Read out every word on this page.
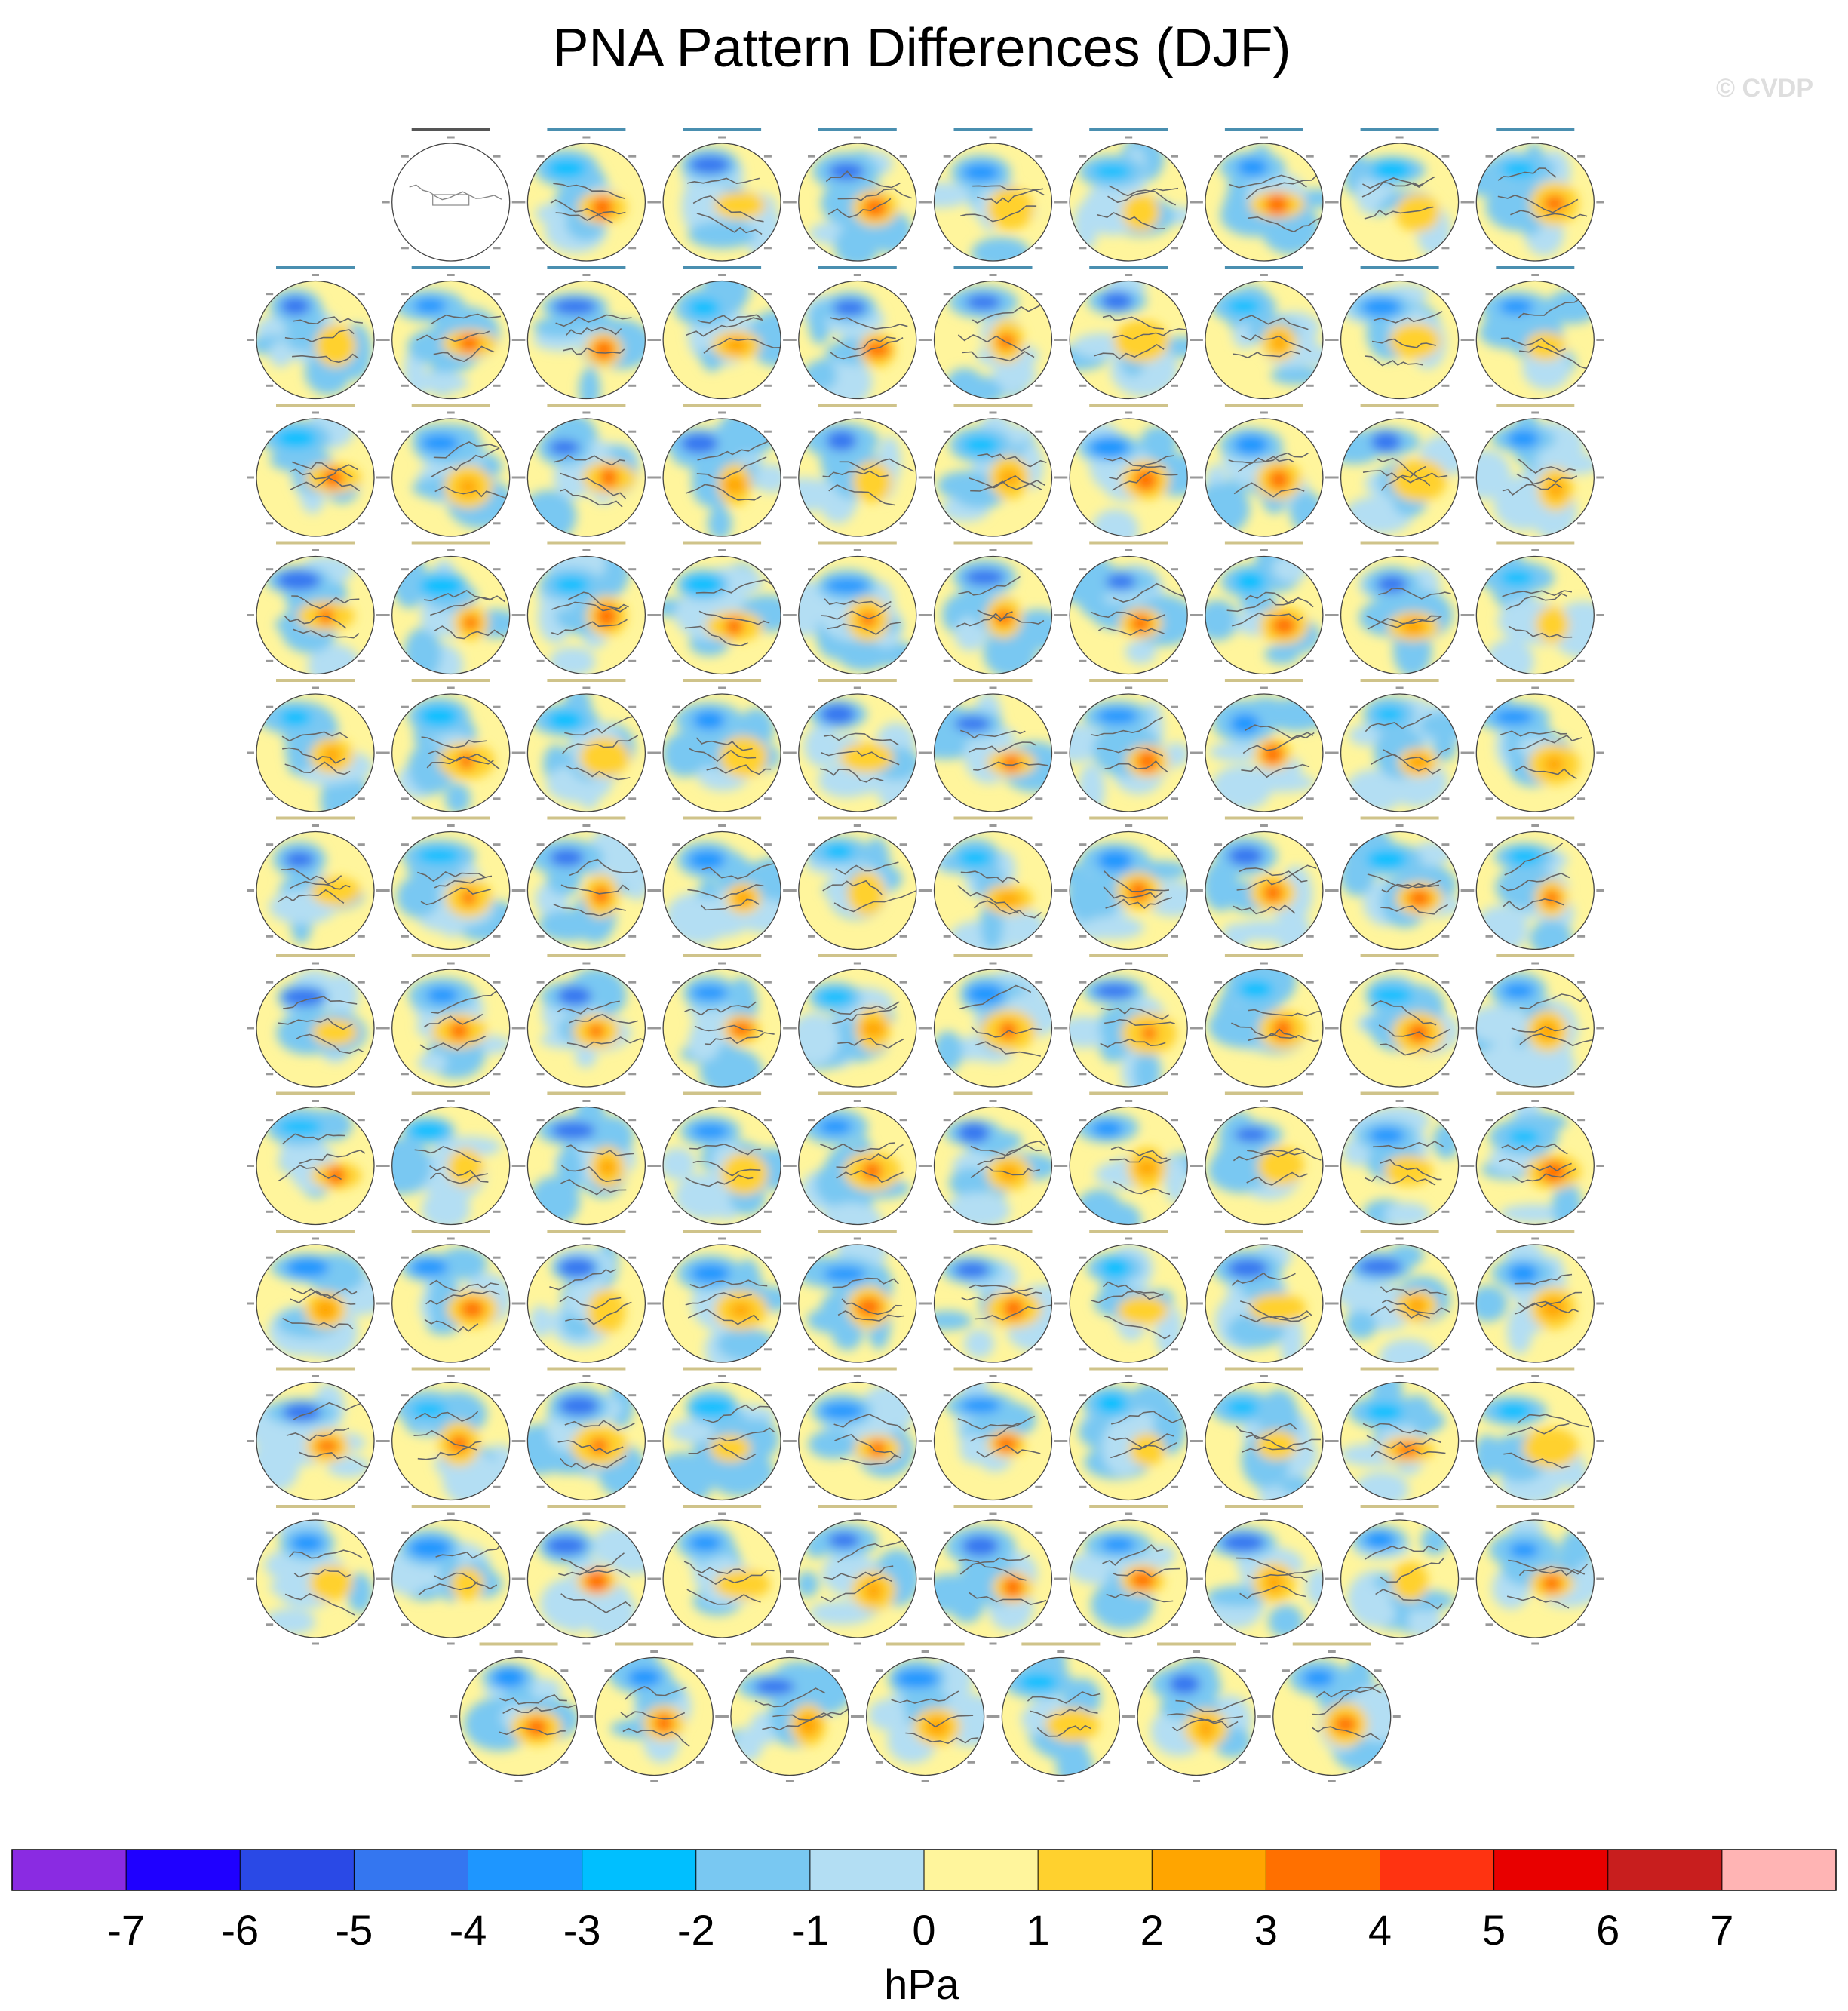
PNA Pattern Differences (DJF)
© CVDP
-7 -6 -5 -4 -3 -2 -1 0 1 2 3 4 5 6 7
hPa
